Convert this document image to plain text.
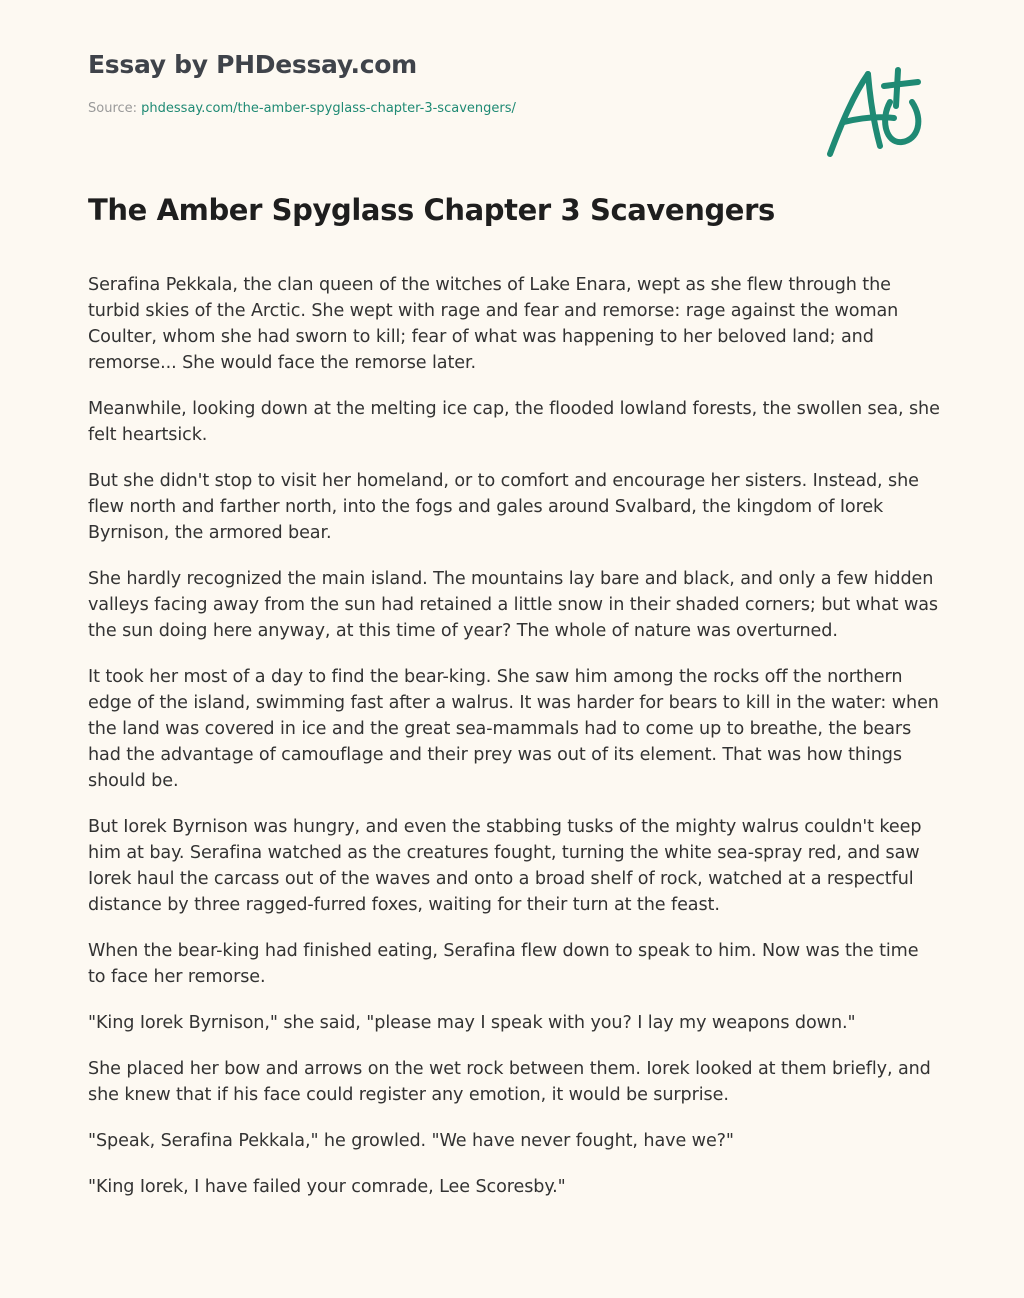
Essay by PHDessay.com
Source: phdessay.com/the-amber-spyglass-chapter-3-scavengers/
The Amber Spyglass Chapter 3 Scavengers

Serafina Pekkala, the clan queen of the witches of Lake Enara, wept as she flew through the turbid skies of the Arctic. She wept with rage and fear and remorse: rage against the woman Coulter, whom she had sworn to kill; fear of what was happening to her beloved land; and remorse... She would face the remorse later.

Meanwhile, looking down at the melting ice cap, the flooded lowland forests, the swollen sea, she felt heartsick.

But she didn't stop to visit her homeland, or to comfort and encourage her sisters. Instead, she flew north and farther north, into the fogs and gales around Svalbard, the kingdom of Iorek Byrnison, the armored bear.

She hardly recognized the main island. The mountains lay bare and black, and only a few hidden valleys facing away from the sun had retained a little snow in their shaded corners; but what was the sun doing here anyway, at this time of year? The whole of nature was overturned.

It took her most of a day to find the bear-king. She saw him among the rocks off the northern edge of the island, swimming fast after a walrus. It was harder for bears to kill in the water: when the land was covered in ice and the great sea-mammals had to come up to breathe, the bears had the advantage of camouflage and their prey was out of its element. That was how things should be.

But Iorek Byrnison was hungry, and even the stabbing tusks of the mighty walrus couldn't keep him at bay. Serafina watched as the creatures fought, turning the white sea-spray red, and saw Iorek haul the carcass out of the waves and onto a broad shelf of rock, watched at a respectful distance by three ragged-furred foxes, waiting for their turn at the feast.

When the bear-king had finished eating, Serafina flew down to speak to him. Now was the time to face her remorse.

"King Iorek Byrnison," she said, "please may I speak with you? I lay my weapons down."

She placed her bow and arrows on the wet rock between them. Iorek looked at them briefly, and she knew that if his face could register any emotion, it would be surprise.

"Speak, Serafina Pekkala," he growled. "We have never fought, have we?"

"King Iorek, I have failed your comrade, Lee Scoresby."
